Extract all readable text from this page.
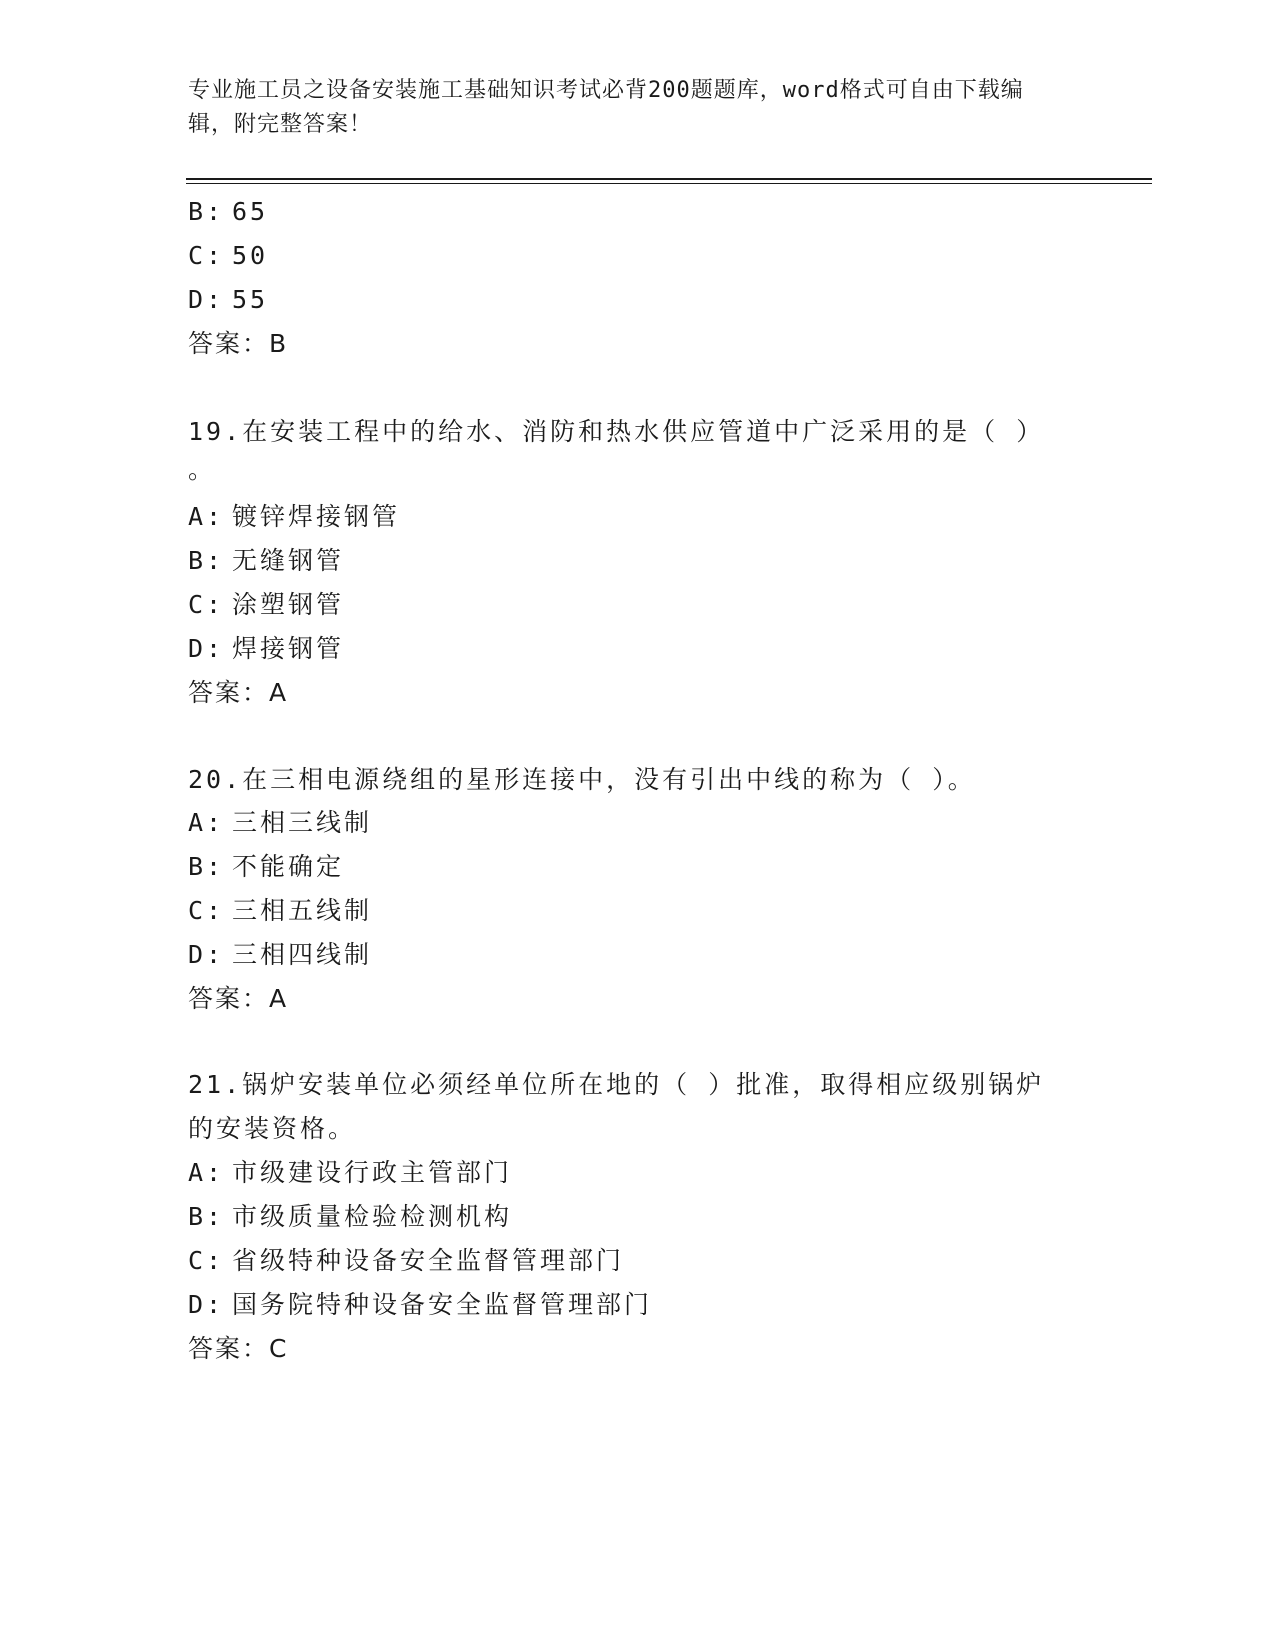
专业施工员之设备安装施工基础知识考试必背200题题库，word格式可自由下载编辑，附完整答案！
B: 65
C: 50
D: 55
答案：B
19.在安装工程中的给水、消防和热水供应管道中广泛采用的是（ ）
。
A: 镀锌焊接钢管
B: 无缝钢管
C: 涂塑钢管
D: 焊接钢管
答案：A
20.在三相电源绕组的星形连接中，没有引出中线的称为（ ）。
A: 三相三线制
B: 不能确定
C: 三相五线制
D: 三相四线制
答案：A
21.锅炉安装单位必须经单位所在地的（ ）批准，取得相应级别锅炉
的安装资格。
A: 市级建设行政主管部门
B: 市级质量检验检测机构
C: 省级特种设备安全监督管理部门
D: 国务院特种设备安全监督管理部门
答案：C
